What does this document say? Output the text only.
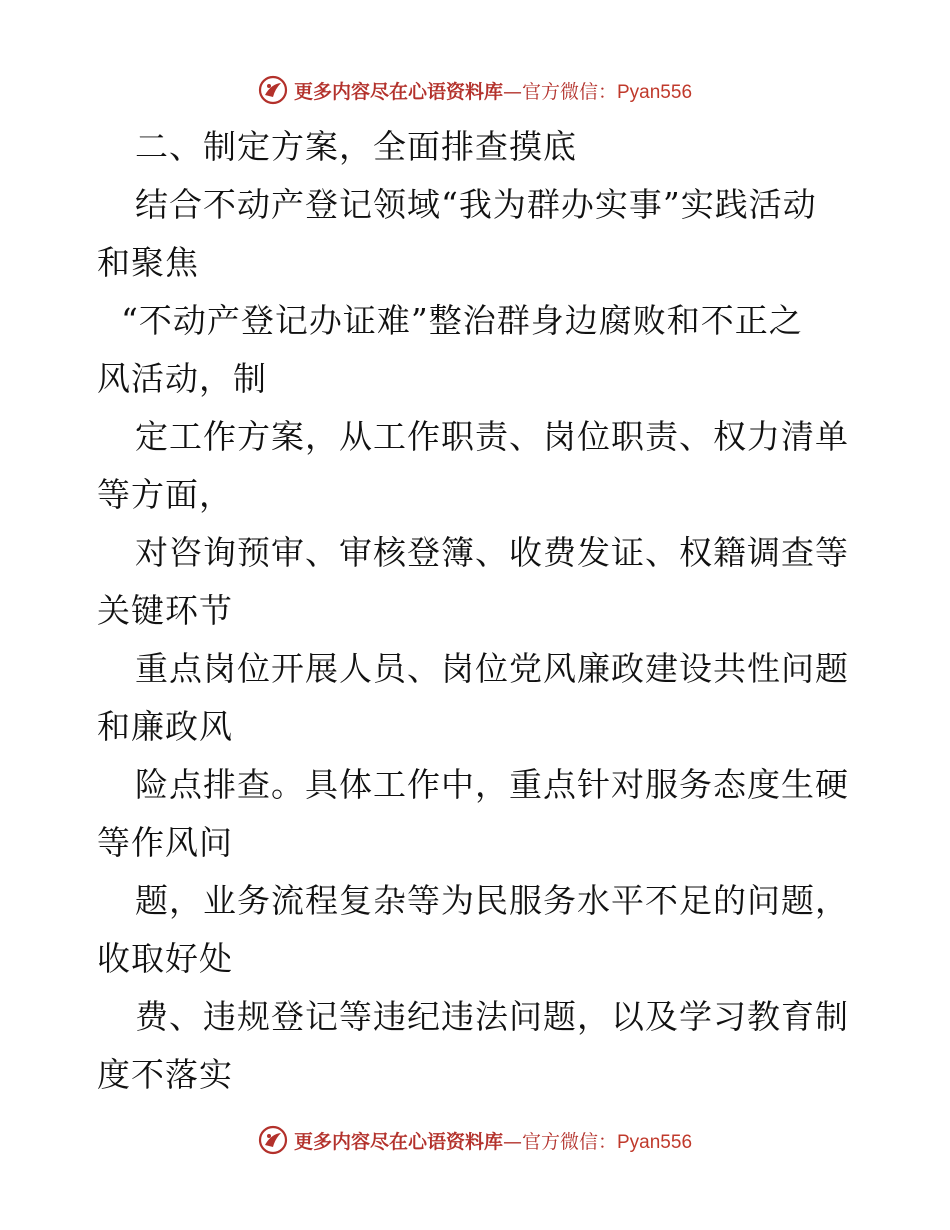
更多内容尽在心语资料库—官方微信：Pyan556
二、制定方案，全面排查摸底
结合不动产登记领域“我为群办实事”实践活动
和聚焦
“不动产登记办证难”整治群身边腐败和不正之
风活动，制
定工作方案，从工作职责、岗位职责、权力清单
等方面，
对咨询预审、审核登簿、收费发证、权籍调查等
关键环节
重点岗位开展人员、岗位党风廉政建设共性问题
和廉政风
险点排查。具体工作中，重点针对服务态度生硬
等作风问
题，业务流程复杂等为民服务水平不足的问题，
收取好处
费、违规登记等违纪违法问题，以及学习教育制
度不落实
更多内容尽在心语资料库—官方微信：Pyan556
